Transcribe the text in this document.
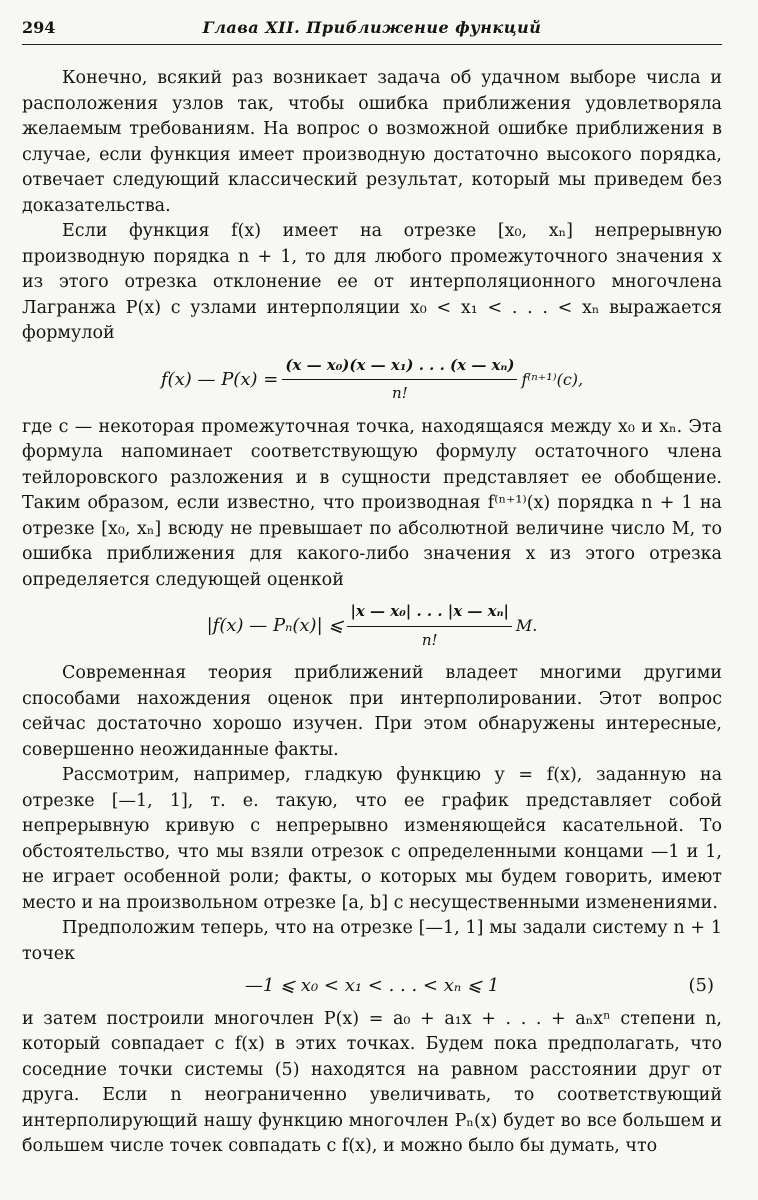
294	Глава XII. Приближение функций

Конечно, всякий раз возникает задача об удачном выборе числа и расположения узлов так, чтобы ошибка приближения удовлетворяла желаемым требованиям. На вопрос о возможной ошибке приближения в случае, если функция имеет производную достаточно высокого порядка, отвечает следующий классический результат, который мы приведем без доказательства.

Если функция f(x) имеет на отрезке [x₀, xₙ] непрерывную производную порядка n + 1, то для любого промежуточного значения x из этого отрезка отклонение ее от интерполяционного многочлена Лагранжа P(x) с узлами интерполяции x₀ < x₁ < . . . < xₙ выражается формулой

f(x) — $P(x) = \frac{\text{(x — x₀)(x — x₁) . . . (x — xₙ)}}{n!} f^{(n+1)}(c)$,

где c — некоторая промежуточная точка, находящаяся между x₀ и xₙ. Эта формула напоминает соответствующую формулу остаточного члена тейлоровского разложения и в сущности представляет ее обобщение. Таким образом, если известно, что производная f⁽ⁿ⁺¹⁾(x) порядка n + 1 на отрезке [x₀, xₙ] всюду не превышает по абсолютной величине число M, то ошибка приближения для какого-либо значения x из этого отрезка определяется следующей оценкой

|f(x) — Pₙ(x)| ⩽ $\frac{\text{|x — x₀| . . . |x — xₙ|}}{n!} M$.

Современная теория приближений владеет многими другими способами нахождения оценок при интерполировании. Этот вопрос сейчас достаточно хорошо изучен. При этом обнаружены интересные, совершенно неожиданные факты.

Рассмотрим, например, гладкую функцию y = f(x), заданную на отрезке [—1, 1], т. е. такую, что ее график представляет собой непрерывную кривую с непрерывно изменяющейся касательной. То обстоятельство, что мы взяли отрезок с определенными концами —1 и 1, не играет особенной роли; факты, о которых мы будем говорить, имеют место и на произвольном отрезке [a, b] с несущественными изменениями.

Предположим теперь, что на отрезке [—1, 1] мы задали систему n + 1 точек

—1 ⩽ x₀ < x₁ < . . . < xₙ ⩽ 1	(5)

и затем построили многочлен P(x) = a₀ + a₁x + . . . + aₙxⁿ степени n, который совпадает с f(x) в этих точках. Будем пока предполагать, что соседние точки системы (5) находятся на равном расстоянии друг от друга. Если n неограниченно увеличивать, то соответствующий интерполирующий нашу функцию многочлен Pₙ(x) будет во все большем и большем числе точек совпадать с f(x), и можно было бы думать, что
